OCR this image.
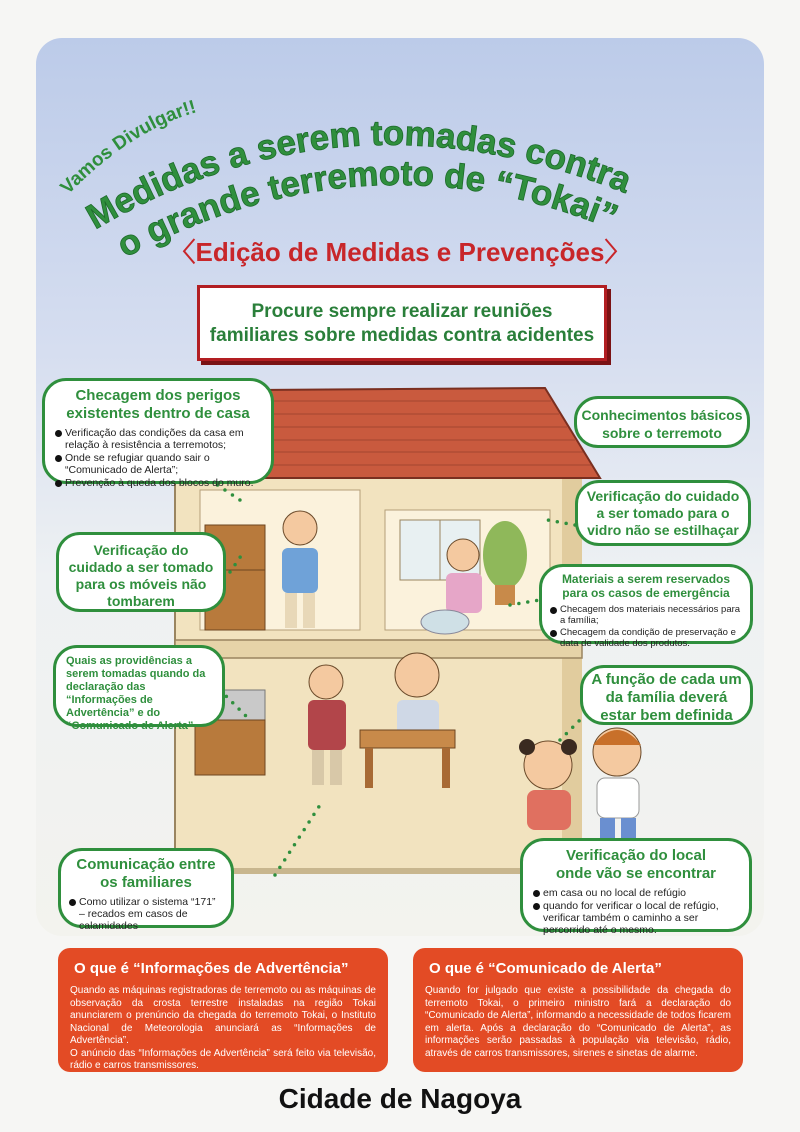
Vamos Divulgar!!
Medidas a serem tomadas contra
o grande terremoto de “Tokai”
〈Edição de Medidas e Prevenções〉
Procure sempre realizar reuniões
familiares sobre medidas contra acidentes
Checagem dos perigos
existentes dentro de casa
Verificação das condições da casa em relação à resistência a terremotos;
Onde se refugiar quando sair o “Comunicado de Alerta”;
Prevenção à queda dos blocos do muro.
Verificação do cuidado a ser tomado para os móveis não tombarem
Quais as providências a serem tomadas quando da declaração das “Informações de Advertência” e do “Comunicado de Alerta”
Comunicação entre
os familiares
Como utilizar o sistema “171” – recados em casos de calamidades
Conhecimentos básicos
sobre o terremoto
Verificação do cuidado
a ser tomado para o
vidro não se estilhaçar
Materiais a serem reservados
para os casos de emergência
Checagem dos materiais necessários para a família;
Checagem da condição de preservação e data de validade dos produtos.
A função de cada um
da família deverá
estar bem definida
Verificação do local
onde vão se encontrar
em casa ou no local de refúgio
quando for verificar o local de refúgio, verificar também o caminho a ser percorrido até o mesmo.
O que é “Informações de Advertência”
Quando as máquinas registradoras de terremoto ou as máquinas de observação da crosta terrestre instaladas na região Tokai anunciarem o prenúncio da chegada do terremoto Tokai, o Instituto Nacional de Meteorologia anunciará as “Informações de Advertência”.
O anúncio das “Informações de Advertência” será feito via televisão, rádio e carros transmissores.
O que é “Comunicado de Alerta”
Quando for julgado que existe a possibilidade da chegada do terremoto Tokai, o primeiro ministro fará a declaração do “Comunicado de Alerta”, informando a necessidade de todos ficarem em alerta. Após a declaração do “Comunicado de Alerta”, as informações serão passadas à população via televisão, rádio, através de carros transmissores, sirenes e sinetas de alarme.
Cidade de Nagoya
